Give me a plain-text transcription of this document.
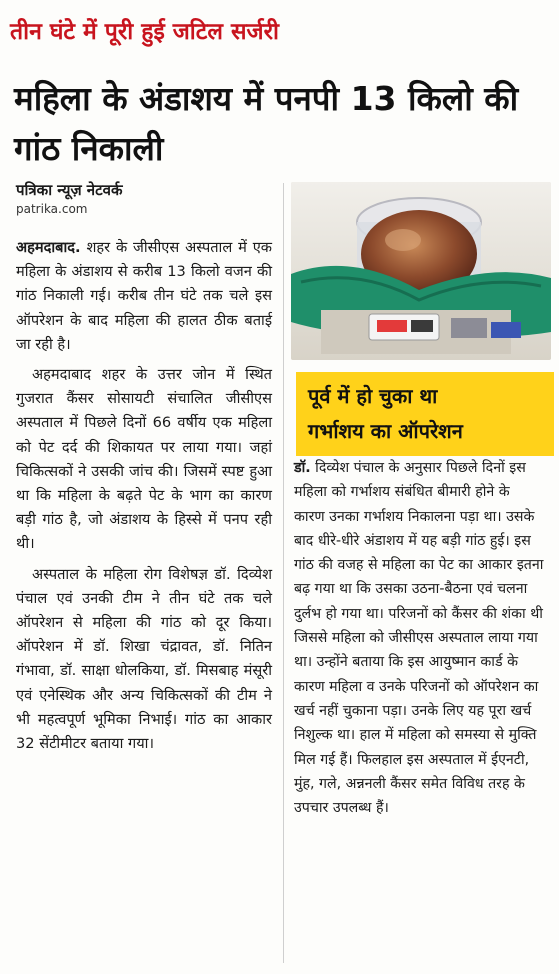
तीन घंटे में पूरी हुई जटिल सर्जरी
महिला के अंडाशय में पनपी 13 किलो की गांठ निकाली
पत्रिका न्यूज़ नेटवर्क
patrika.com

अहमदाबाद. शहर के जीसीएस अस्पताल में एक महिला के अंडाशय से करीब 13 किलो वजन की गांठ निकाली गई। करीब तीन घंटे तक चले इस ऑपरेशन के बाद महिला की हालत ठीक बताई जा रही है।

अहमदाबाद शहर के उत्तर जोन में स्थित गुजरात कैंसर सोसायटी संचालित जीसीएस अस्पताल में पिछले दिनों 66 वर्षीय एक महिला को पेट दर्द की शिकायत पर लाया गया। जहां चिकित्सकों ने उसकी जांच की। जिसमें स्पष्ट हुआ था कि महिला के बढ़ते पेट के भाग का कारण बड़ी गांठ है, जो अंडाशय के हिस्से में पनप रही थी।

अस्पताल के महिला रोग विशेषज्ञ डॉ. दिव्येश पंचाल एवं उनकी टीम ने तीन घंटे तक चले ऑपरेशन से महिला की गांठ को दूर किया। ऑपरेशन में डॉ. शिखा चंद्रावत, डॉ. नितिन गंभावा, डॉ. साक्षा धोलकिया, डॉ. मिसबाह मंसूरी एवं एनेस्थिक और अन्य चिकित्सकों की टीम ने भी महत्वपूर्ण भूमिका निभाई। गांठ का आकार 32 सेंटीमीटर बताया गया।

पूर्व में हो चुका था
गर्भाशय का ऑपरेशन

डॉ. दिव्येश पंचाल के अनुसार पिछले दिनों इस महिला को गर्भाशय संबंधित बीमारी होने के कारण उनका गर्भाशय निकालना पड़ा था। उसके बाद धीरे-धीरे अंडाशय में यह बड़ी गांठ हुई। इस गांठ की वजह से महिला का पेट का आकार इतना बढ़ गया था कि उसका उठना-बैठना एवं चलना दुर्लभ हो गया था। परिजनों को कैंसर की शंका थी जिससे महिला को जीसीएस अस्पताल लाया गया था। उन्होंने बताया कि इस आयुष्मान कार्ड के कारण महिला व उनके परिजनों को ऑपरेशन का खर्च नहीं चुकाना पड़ा। उनके लिए यह पूरा खर्च निशुल्क था। हाल में महिला को समस्या से मुक्ति मिल गई हैं। फिलहाल इस अस्पताल में ईएनटी, मुंह, गले, अन्ननली कैंसर समेत विविध तरह के उपचार उपलब्ध हैं।
